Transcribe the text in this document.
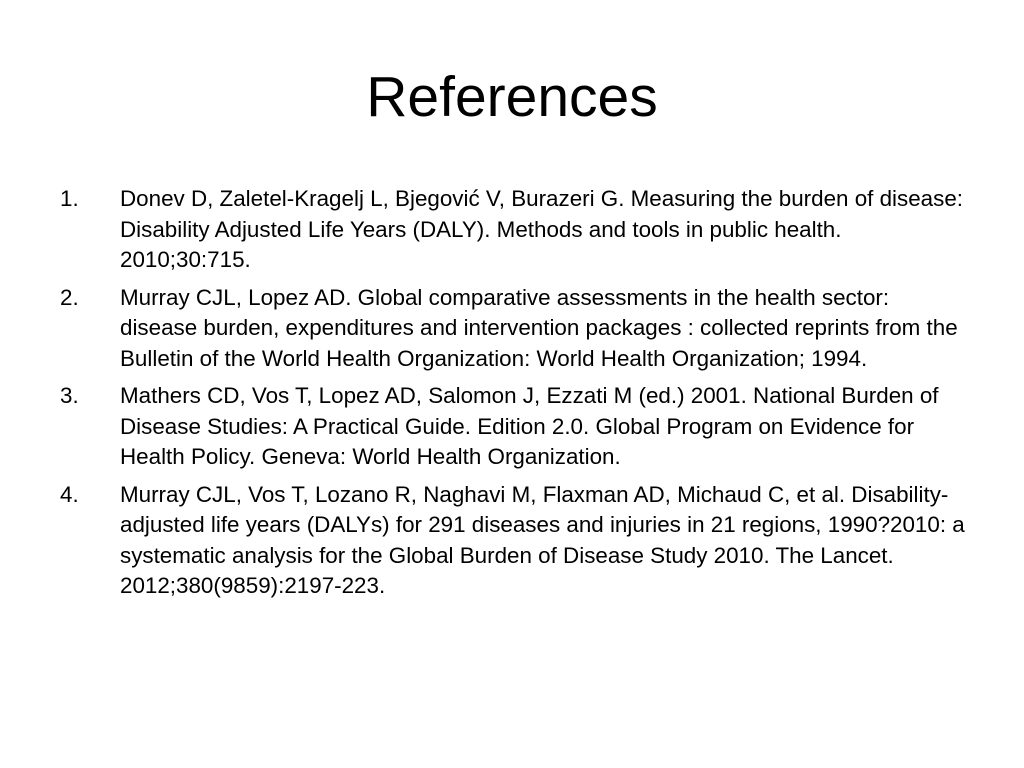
References
1.	Donev D, Zaletel-Kragelj L, Bjegović V, Burazeri G. Measuring the burden of disease: Disability Adjusted Life Years (DALY). Methods and tools in public health. 2010;30:715.
2.	Murray CJL, Lopez AD. Global comparative assessments in the health sector: disease burden, expenditures and intervention packages : collected reprints from the Bulletin of the World Health Organization: World Health Organization; 1994.
3.	Mathers CD, Vos T, Lopez AD, Salomon J, Ezzati M (ed.) 2001. National Burden of Disease Studies: A Practical Guide. Edition 2.0. Global Program on Evidence for Health Policy. Geneva: World Health Organization.
4.	Murray CJL, Vos T, Lozano R, Naghavi M, Flaxman AD, Michaud C, et al. Disability-adjusted life years (DALYs) for 291 diseases and injuries in 21 regions, 1990?2010: a systematic analysis for the Global Burden of Disease Study 2010. The Lancet. 2012;380(9859):2197-223.
